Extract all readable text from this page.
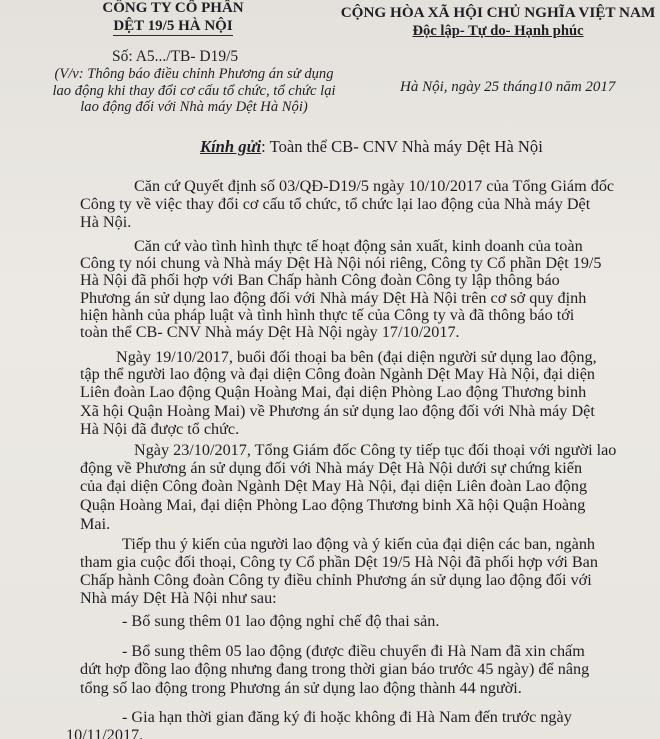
CÔNG TY CỔ PHẦN
DỆT 19/5 HÀ NỘI
Số: A5.../TB- D19/5
(V/v: Thông báo điều chỉnh Phương án sử dụng
lao động khi thay đổi cơ cấu tổ chức, tổ chức lại
lao động đối với Nhà máy Dệt Hà Nội)
CỘNG HÒA XÃ HỘI CHỦ NGHĨA VIỆT NAM
Độc lập- Tự do- Hạnh phúc
Hà Nội, ngày 25 tháng10 năm 2017
Kính gửi: Toàn thể CB- CNV Nhà máy Dệt Hà Nội
Căn cứ Quyết định số 03/QĐ-D19/5 ngày 10/10/2017 của Tổng Giám đốc
Công ty về việc thay đổi cơ cấu tổ chức, tổ chức lại lao động của Nhà máy Dệt
Hà Nội.
Căn cứ vào tình hình thực tế hoạt động sản xuất, kinh doanh của toàn
Công ty nói chung và Nhà máy Dệt Hà Nội nói riêng, Công ty Cổ phần Dệt 19/5
Hà Nội đã phối hợp với Ban Chấp hành Công đoàn Công ty lập thông báo
Phương án sử dụng lao động đối với Nhà máy Dệt Hà Nội trên cơ sở quy định
hiện hành của pháp luật và tình hình thực tế của Công ty và đã thông báo tới
toàn thể CB- CNV Nhà máy Dệt Hà Nội ngày 17/10/2017.
Ngày 19/10/2017, buổi đối thoại ba bên (đại diện người sử dụng lao động,
tập thể người lao động và đại diện Công đoàn Ngành Dệt May Hà Nội, đại diện
Liên đoàn Lao động Quận Hoàng Mai, đại diện Phòng Lao động Thương binh
Xã hội Quận Hoàng Mai) về Phương án sử dụng lao động đối với Nhà máy Dệt
Hà Nội đã được tổ chức.
Ngày 23/10/2017, Tổng Giám đốc Công ty tiếp tục đối thoại với người lao
động về Phương án sử dụng đối với Nhà máy Dệt Hà Nội dưới sự chứng kiến
của đại diện Công đoàn Ngành Dệt May Hà Nội, đại diện Liên đoàn Lao động
Quận Hoàng Mai, đại diện Phòng Lao động Thương binh Xã hội Quận Hoàng
Mai.
Tiếp thu ý kiến của người lao động và ý kiến của đại diện các ban, ngành
tham gia cuộc đối thoại, Công ty Cổ phần Dệt 19/5 Hà Nội đã phối hợp với Ban
Chấp hành Công đoàn Công ty điều chỉnh Phương án sử dụng lao động đối với
Nhà máy Dệt Hà Nội như sau:
- Bổ sung thêm 01 lao động nghỉ chế độ thai sản.
- Bổ sung thêm 05 lao động (được điều chuyển đi Hà Nam đã xin chấm
dứt hợp đồng lao động nhưng đang trong thời gian báo trước 45 ngày) để nâng
tổng số lao động trong Phương án sử dụng lao động thành 44 người.
- Gia hạn thời gian đăng ký đi hoặc không đi Hà Nam đến trước ngày
10/11/2017.
